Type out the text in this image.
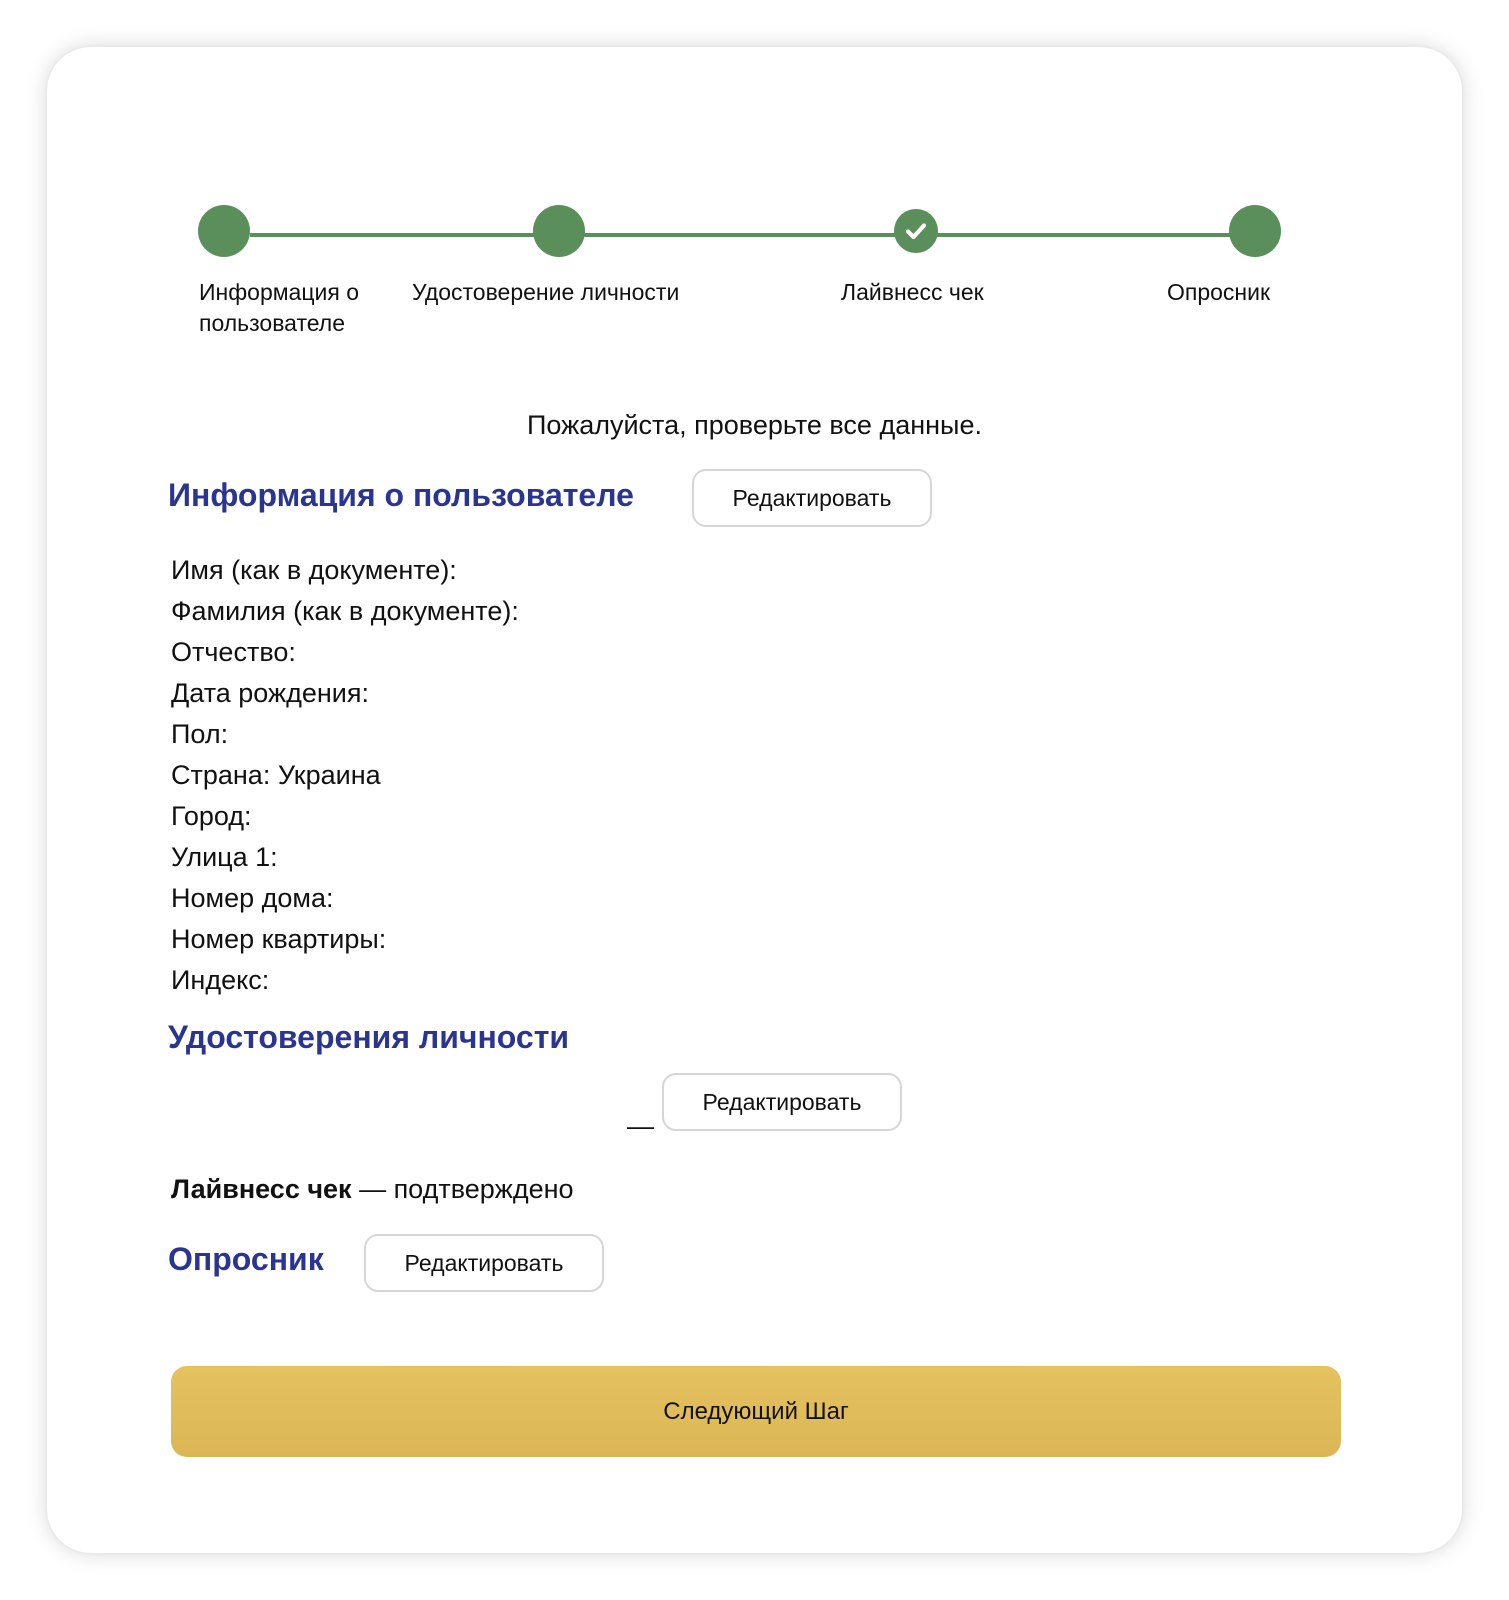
Информация о пользователе
Удостоверение личности	Лайвнесс чек	Опросник
Пожалуйста, проверьте все данные.
Информация о пользователе	Редактировать
Имя (как в документе):
Фамилия (как в документе):
Отчество:
Дата рождения:
Пол:
Страна: Украина
Город:
Улица 1:
Номер дома:
Номер квартиры:
Индекс:
Удостоверения личности
—
Редактировать
Лайвнесс чек — подтверждено
Опросник	Редактировать
Следующий Шаг
